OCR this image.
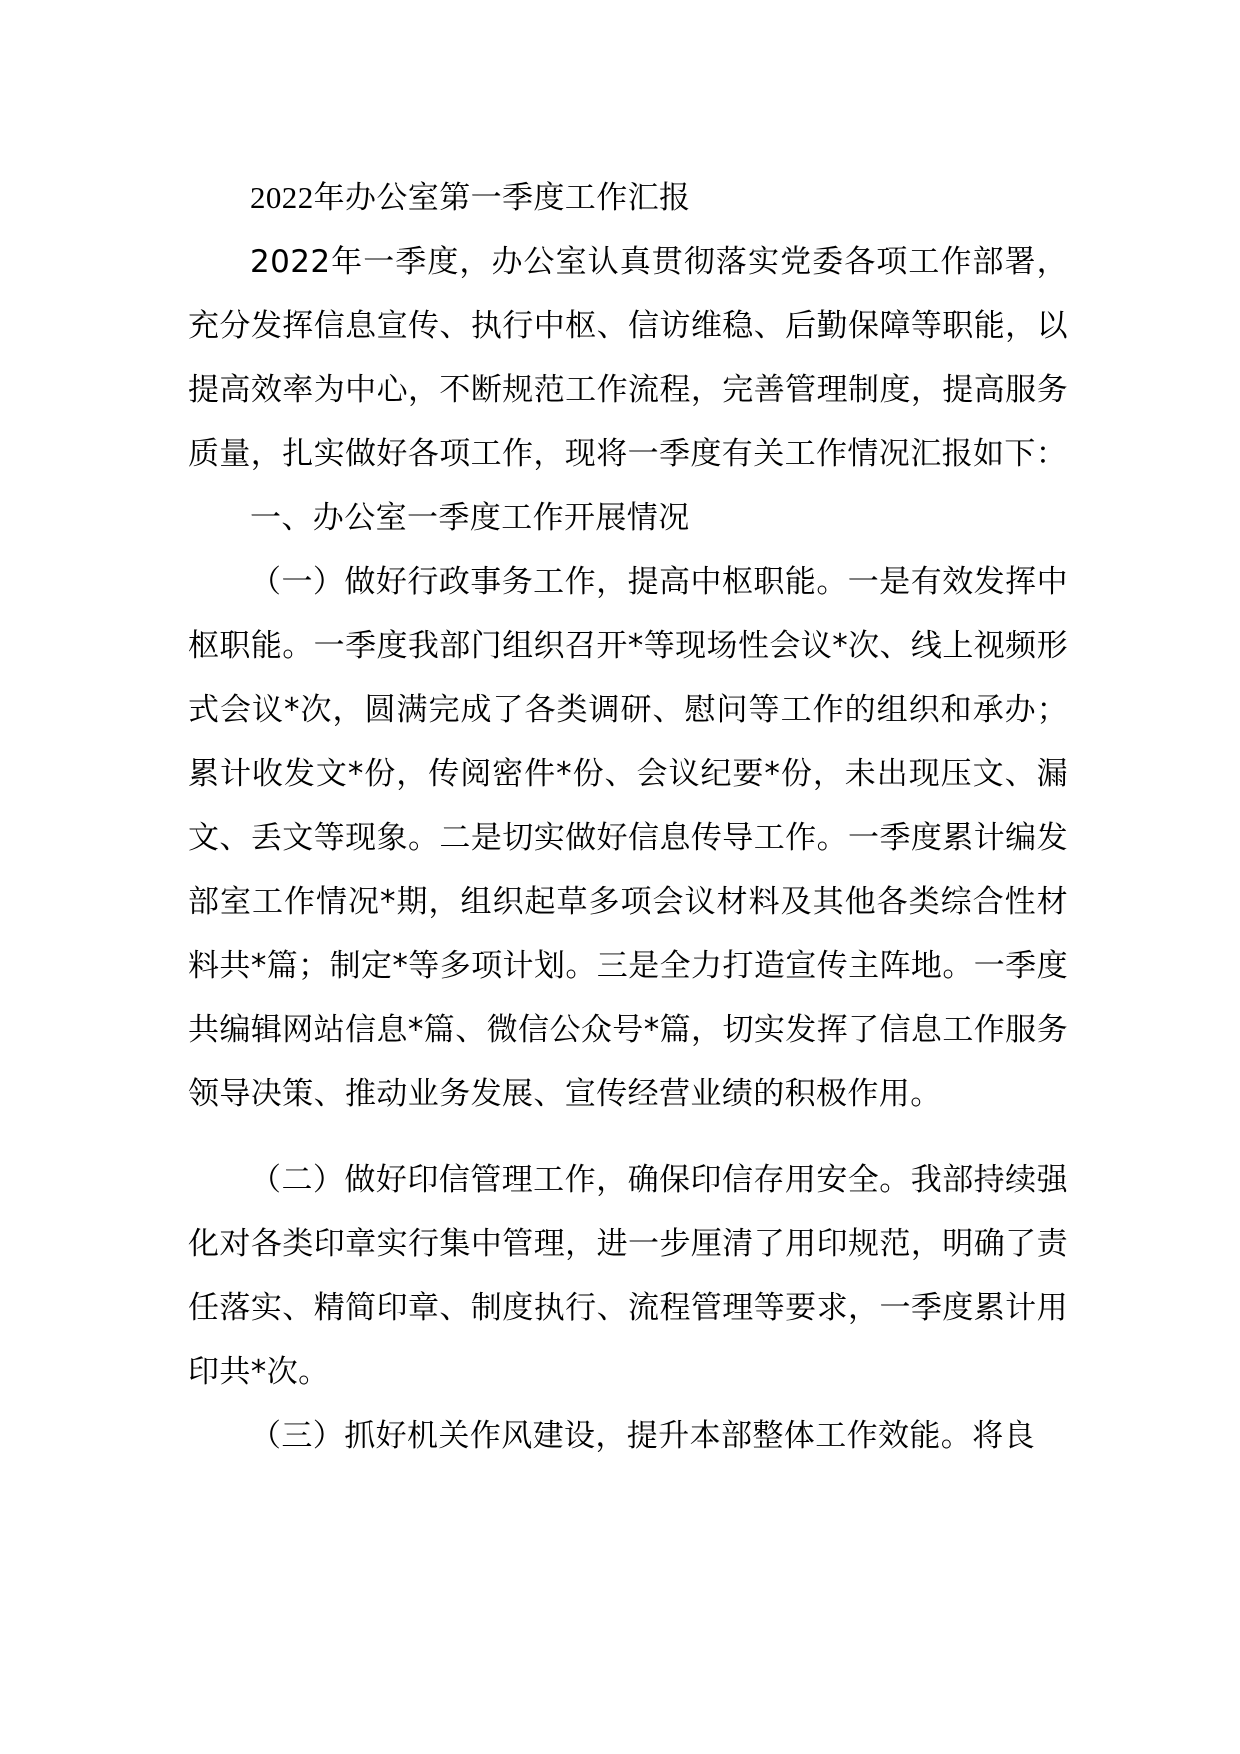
2022年办公室第一季度工作汇报

2022年一季度，办公室认真贯彻落实党委各项工作部署，充分发挥信息宣传、执行中枢、信访维稳、后勤保障等职能，以提高效率为中心，不断规范工作流程，完善管理制度，提高服务质量，扎实做好各项工作，现将一季度有关工作情况汇报如下：

一、办公室一季度工作开展情况

（一）做好行政事务工作，提高中枢职能。一是有效发挥中枢职能。一季度我部门组织召开*等现场性会议*次、线上视频形式会议*次，圆满完成了各类调研、慰问等工作的组织和承办；累计收发文*份，传阅密件*份、会议纪要*份，未出现压文、漏文、丢文等现象。二是切实做好信息传导工作。一季度累计编发部室工作情况*期，组织起草多项会议材料及其他各类综合性材料共*篇；制定*等多项计划。三是全力打造宣传主阵地。一季度共编辑网站信息*篇、微信公众号*篇，切实发挥了信息工作服务领导决策、推动业务发展、宣传经营业绩的积极作用。

（二）做好印信管理工作，确保印信存用安全。我部持续强化对各类印章实行集中管理，进一步厘清了用印规范，明确了责任落实、精简印章、制度执行、流程管理等要求，一季度累计用印共*次。

（三）抓好机关作风建设，提升本部整体工作效能。将良
